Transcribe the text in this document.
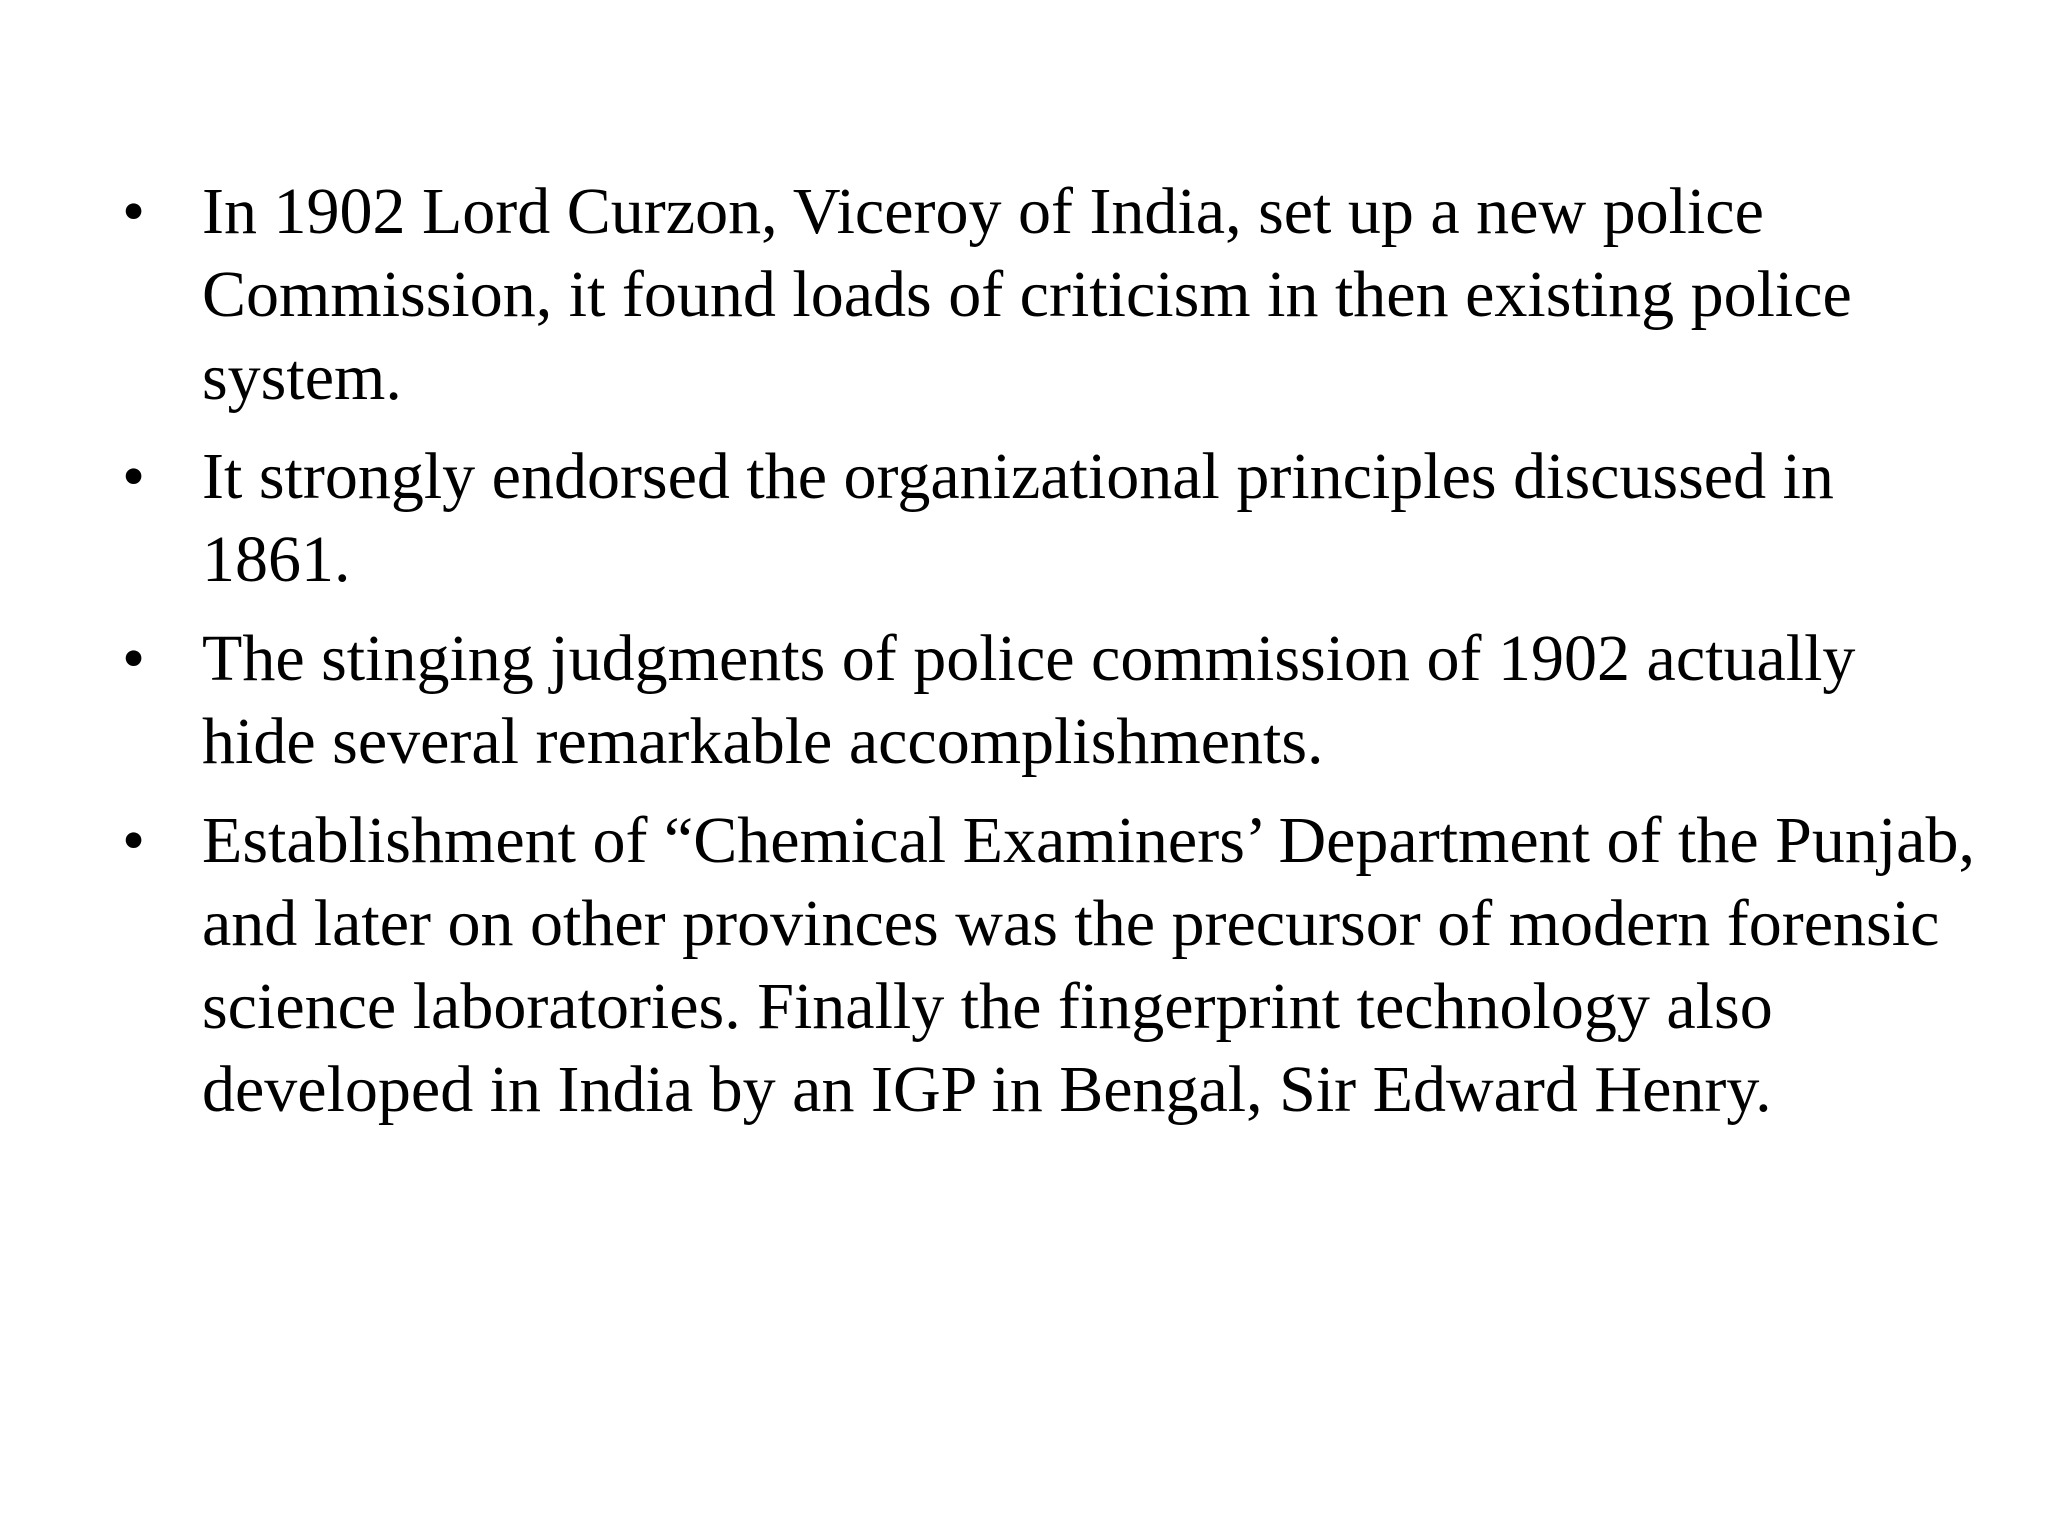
• In 1902 Lord Curzon, Viceroy of India, set up a new police Commission, it found loads of criticism in then existing police system.
• It strongly endorsed the organizational principles discussed in 1861.
• The stinging judgments of police commission of 1902 actually hide several remarkable accomplishments.
• Establishment of “Chemical Examiners’ Department of the Punjab, and later on other provinces was the precursor of modern forensic science laboratories. Finally the fingerprint technology also developed in India by an IGP in Bengal, Sir Edward Henry.
